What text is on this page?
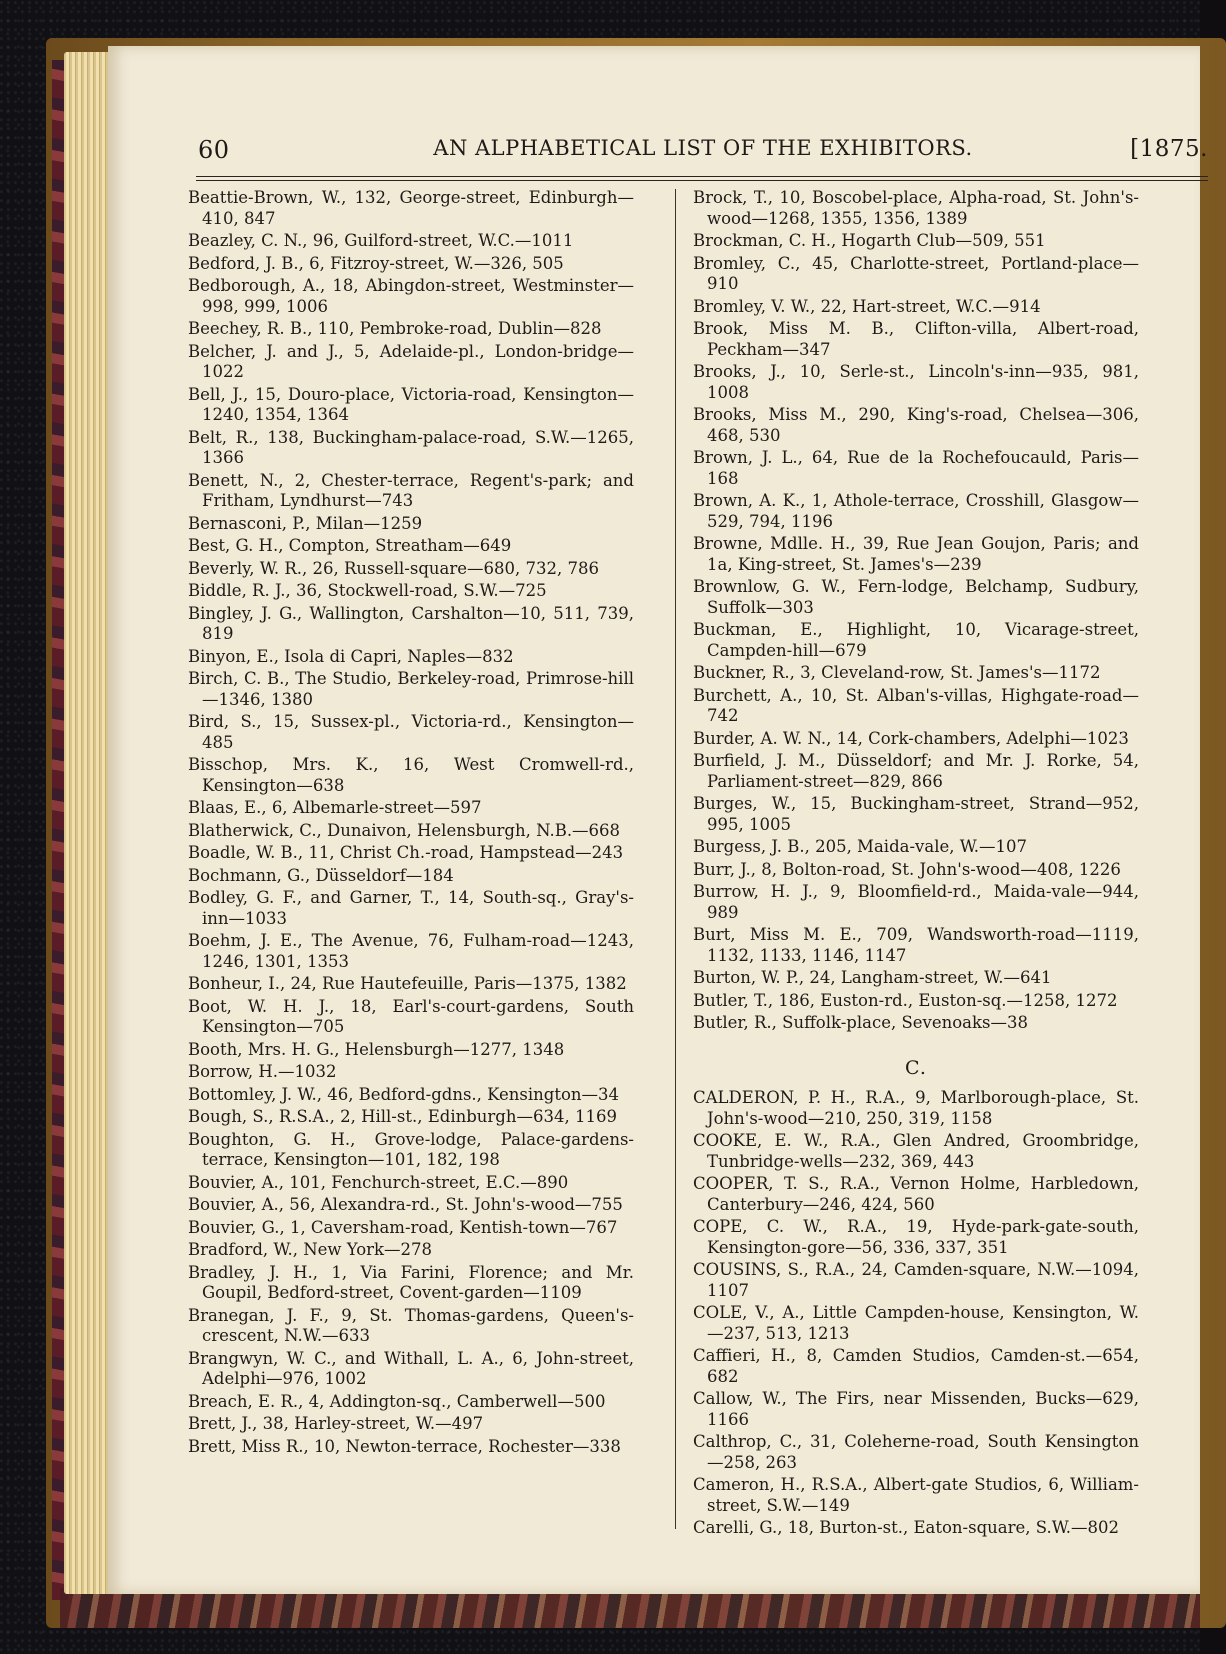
60	AN ALPHABETICAL LIST OF THE EXHIBITORS.	[1875.
Beattie-Brown, W., 132, George-street, Edinburgh—410, 847
Beazley, C. N., 96, Guilford-street, W.C.—1011
Bedford, J. B., 6, Fitzroy-street, W.—326, 505
Bedborough, A., 18, Abingdon-street, Westminster—998, 999, 1006
Beechey, R. B., 110, Pembroke-road, Dublin—828
Belcher, J. and J., 5, Adelaide-pl., London-bridge—1022
Bell, J., 15, Douro-place, Victoria-road, Kensington—1240, 1354, 1364
Belt, R., 138, Buckingham-palace-road, S.W.—1265, 1366
Benett, N., 2, Chester-terrace, Regent's-park; and Fritham, Lyndhurst—743
Bernasconi, P., Milan—1259
Best, G. H., Compton, Streatham—649
Beverly, W. R., 26, Russell-square—680, 732, 786
Biddle, R. J., 36, Stockwell-road, S.W.—725
Bingley, J. G., Wallington, Carshalton—10, 511, 739, 819
Binyon, E., Isola di Capri, Naples—832
Birch, C. B., The Studio, Berkeley-road, Primrose-hill—1346, 1380
Bird, S., 15, Sussex-pl., Victoria-rd., Kensington—485
Bisschop, Mrs. K., 16, West Cromwell-rd., Kensington—638
Blaas, E., 6, Albemarle-street—597
Blatherwick, C., Dunaivon, Helensburgh, N.B.—668
Boadle, W. B., 11, Christ Ch.-road, Hampstead—243
Bochmann, G., Düsseldorf—184
Bodley, G. F., and Garner, T., 14, South-sq., Gray's-inn—1033
Boehm, J. E., The Avenue, 76, Fulham-road—1243, 1246, 1301, 1353
Bonheur, I., 24, Rue Hautefeuille, Paris—1375, 1382
Boot, W. H. J., 18, Earl's-court-gardens, South Kensington—705
Booth, Mrs. H. G., Helensburgh—1277, 1348
Borrow, H.—1032
Bottomley, J. W., 46, Bedford-gdns., Kensington—34
Bough, S., R.S.A., 2, Hill-st., Edinburgh—634, 1169
Boughton, G. H., Grove-lodge, Palace-gardens-terrace, Kensington—101, 182, 198
Bouvier, A., 101, Fenchurch-street, E.C.—890
Bouvier, A., 56, Alexandra-rd., St. John's-wood—755
Bouvier, G., 1, Caversham-road, Kentish-town—767
Bradford, W., New York—278
Bradley, J. H., 1, Via Farini, Florence; and Mr. Goupil, Bedford-street, Covent-garden—1109
Branegan, J. F., 9, St. Thomas-gardens, Queen's-crescent, N.W.—633
Brangwyn, W. C., and Withall, L. A., 6, John-street, Adelphi—976, 1002
Breach, E. R., 4, Addington-sq., Camberwell—500
Brett, J., 38, Harley-street, W.—497
Brett, Miss R., 10, Newton-terrace, Rochester—338
Brock, T., 10, Boscobel-place, Alpha-road, St. John's-wood—1268, 1355, 1356, 1389
Brockman, C. H., Hogarth Club—509, 551
Bromley, C., 45, Charlotte-street, Portland-place—910
Bromley, V. W., 22, Hart-street, W.C.—914
Brook, Miss M. B., Clifton-villa, Albert-road, Peckham—347
Brooks, J., 10, Serle-st., Lincoln's-inn—935, 981, 1008
Brooks, Miss M., 290, King's-road, Chelsea—306, 468, 530
Brown, J. L., 64, Rue de la Rochefoucauld, Paris—168
Brown, A. K., 1, Athole-terrace, Crosshill, Glasgow—529, 794, 1196
Browne, Mdlle. H., 39, Rue Jean Goujon, Paris; and 1a, King-street, St. James's—239
Brownlow, G. W., Fern-lodge, Belchamp, Sudbury, Suffolk—303
Buckman, E., Highlight, 10, Vicarage-street, Campden-hill—679
Buckner, R., 3, Cleveland-row, St. James's—1172
Burchett, A., 10, St. Alban's-villas, Highgate-road—742
Burder, A. W. N., 14, Cork-chambers, Adelphi—1023
Burfield, J. M., Düsseldorf; and Mr. J. Rorke, 54, Parliament-street—829, 866
Burges, W., 15, Buckingham-street, Strand—952, 995, 1005
Burgess, J. B., 205, Maida-vale, W.—107
Burr, J., 8, Bolton-road, St. John's-wood—408, 1226
Burrow, H. J., 9, Bloomfield-rd., Maida-vale—944, 989
Burt, Miss M. E., 709, Wandsworth-road—1119, 1132, 1133, 1146, 1147
Burton, W. P., 24, Langham-street, W.—641
Butler, T., 186, Euston-rd., Euston-sq.—1258, 1272
Butler, R., Suffolk-place, Sevenoaks—38
C.
CALDERON, P. H., R.A., 9, Marlborough-place, St. John's-wood—210, 250, 319, 1158
COOKE, E. W., R.A., Glen Andred, Groombridge, Tunbridge-wells—232, 369, 443
COOPER, T. S., R.A., Vernon Holme, Harbledown, Canterbury—246, 424, 560
COPE, C. W., R.A., 19, Hyde-park-gate-south, Kensington-gore—56, 336, 337, 351
COUSINS, S., R.A., 24, Camden-square, N.W.—1094, 1107
COLE, V., A., Little Campden-house, Kensington, W.—237, 513, 1213
Caffieri, H., 8, Camden Studios, Camden-st.—654, 682
Callow, W., The Firs, near Missenden, Bucks—629, 1166
Calthrop, C., 31, Coleherne-road, South Kensington—258, 263
Cameron, H., R.S.A., Albert-gate Studios, 6, William-street, S.W.—149
Carelli, G., 18, Burton-st., Eaton-square, S.W.—802
